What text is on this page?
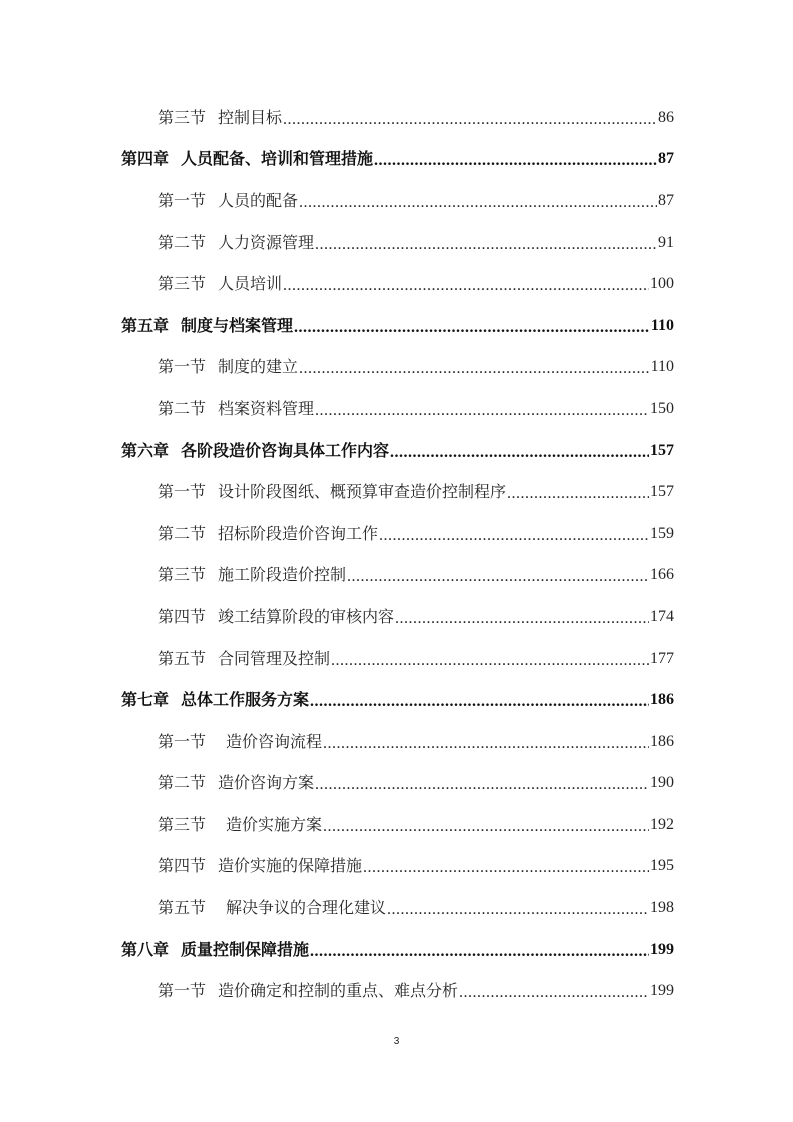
第三节 控制目标 .....	86
第四章 人员配备、培训和管理措施 .....	87
第一节 人员的配备 .....	87
第二节 人力资源管理 .....	91
第三节 人员培训 .....	100
第五章 制度与档案管理 .....	110
第一节 制度的建立 .....	110
第二节 档案资料管理 .....	150
第六章 各阶段造价咨询具体工作内容 .....	157
第一节 设计阶段图纸、概预算审查造价控制程序 .....	157
第二节 招标阶段造价咨询工作 .....	159
第三节 施工阶段造价控制 .....	166
第四节 竣工结算阶段的审核内容 .....	174
第五节 合同管理及控制 .....	177
第七章 总体工作服务方案 .....	186
第一节 造价咨询流程 .....	186
第二节 造价咨询方案 .....	190
第三节 造价实施方案 .....	192
第四节 造价实施的保障措施 .....	195
第五节 解决争议的合理化建议 .....	198
第八章 质量控制保障措施 .....	199
第一节 造价确定和控制的重点、难点分析 .....	199
3
